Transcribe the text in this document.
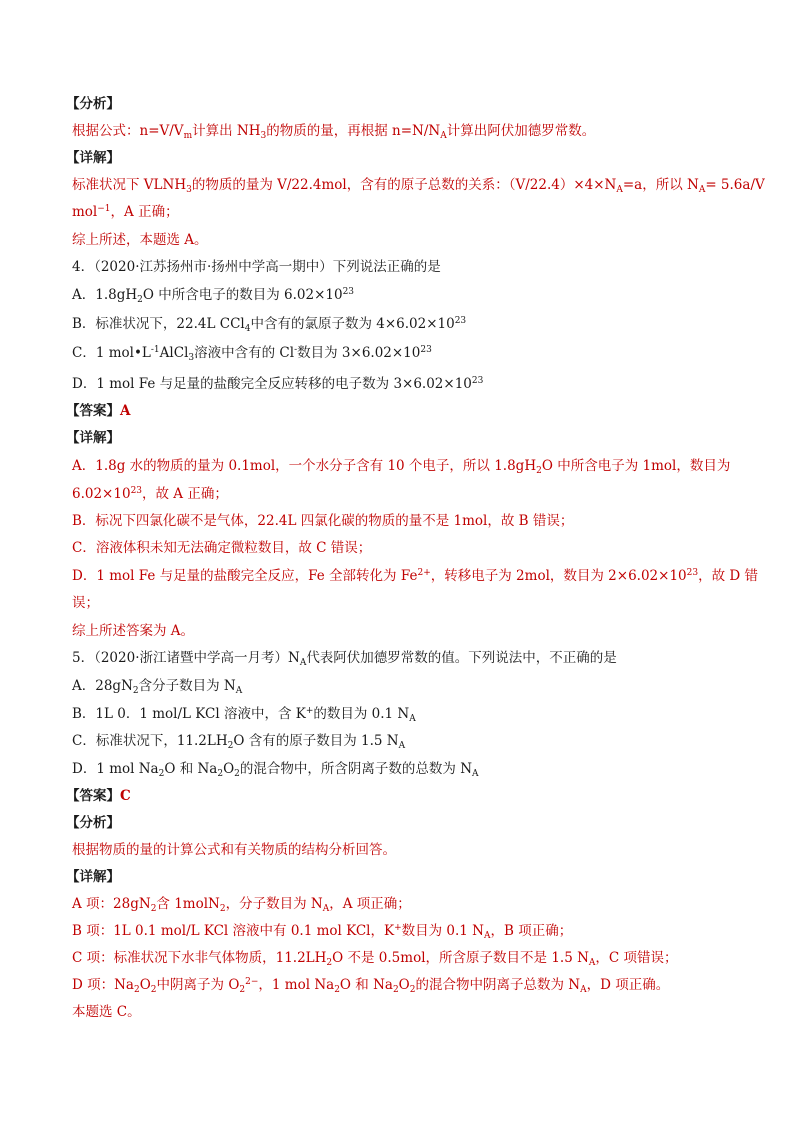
【分析】
根据公式：$n=V/V_m$计算出 $NH_3$的物质的量，再根据 $n=N/N_A$计算出阿伏加德罗常数。
【详解】
标准状况下 $VLNH_3$的物质的量为 V/22.4mol，含有的原子总数的关系：$(V/22.4)\times 4\times N_A=a$，所以 $N_A= 5.6a/V$
mol$^{-1}$，A 正确；
综上所述，本题选 A。
4．（2020·江苏扬州市·扬州中学高一期中）下列说法正确的是
A．$1.8gH_2O$ 中所含电子的数目为 $6.02\times 10^{23}$
B．标准状况下，22.4L CCl$_4$中含有的氯原子数为 $4\times 6.02\times 10^{23}$
C．1 $mol•L^{-1}AlCl_3$溶液中含有的 Cl-数目为 $3\times 6.02\times 10^{23}$
D．1 mol Fe 与足量的盐酸完全反应转移的电子数为 $3\times 6.02\times 10^{23}$
【答案】A
【详解】
A．1.8g 水的物质的量为 0.1mol，一个水分子含有 10 个电子，所以 $1.8gH_2O$ 中所含电子为 1mol，数目为
$6.02\times 10^{23}$，故 A 正确；
B．标况下四氯化碳不是气体，22.4L 四氯化碳的物质的量不是 1mol，故 B 错误；
C．溶液体积未知无法确定微粒数目，故 C 错误；
D．1 mol Fe 与足量的盐酸完全反应，Fe 全部转化为 $Fe^{2+}$，转移电子为 2mol，数目为 $2\times 6.02\times 10^{23}$，故 D 错
误；
综上所述答案为 A。
5．（2020·浙江诸暨中学高一月考）$N_A$代表阿伏加德罗常数的值。下列说法中，不正确的是
A．$28gN_2$含分子数目为 $N_A$
B．1L 0．1 mol/L KCl 溶液中，含 K+的数目为 0.1 $N_A$
C．标准状况下，$11.2LH_2O$ 含有的原子数目为 1.5 $N_A$
D．1 mol $Na_2O$ 和 $Na_2O_2$的混合物中，所含阴离子数的总数为 $N_A$
【答案】C
【分析】
根据物质的量的计算公式和有关物质的结构分析回答。
【详解】
A 项：$28gN_2$含 1molN$_2$，分子数目为 $N_A$，A 项正确；
B 项：1L 0.1 mol/L KCl 溶液中有 0.1 mol KCl，K+数目为 0.1 $N_A$，B 项正确；
C 项：标准状况下水非气体物质，$11.2LH_2O$ 不是 0.5mol，所含原子数目不是 1.5 $N_A$，C 项错误；
D 项：$Na_2O_2$中阴离子为 $O_2^{2-}$，1 mol $Na_2O$ 和 $Na_2O_2$的混合物中阴离子总数为 $N_A$，D 项正确。
本题选 C。
